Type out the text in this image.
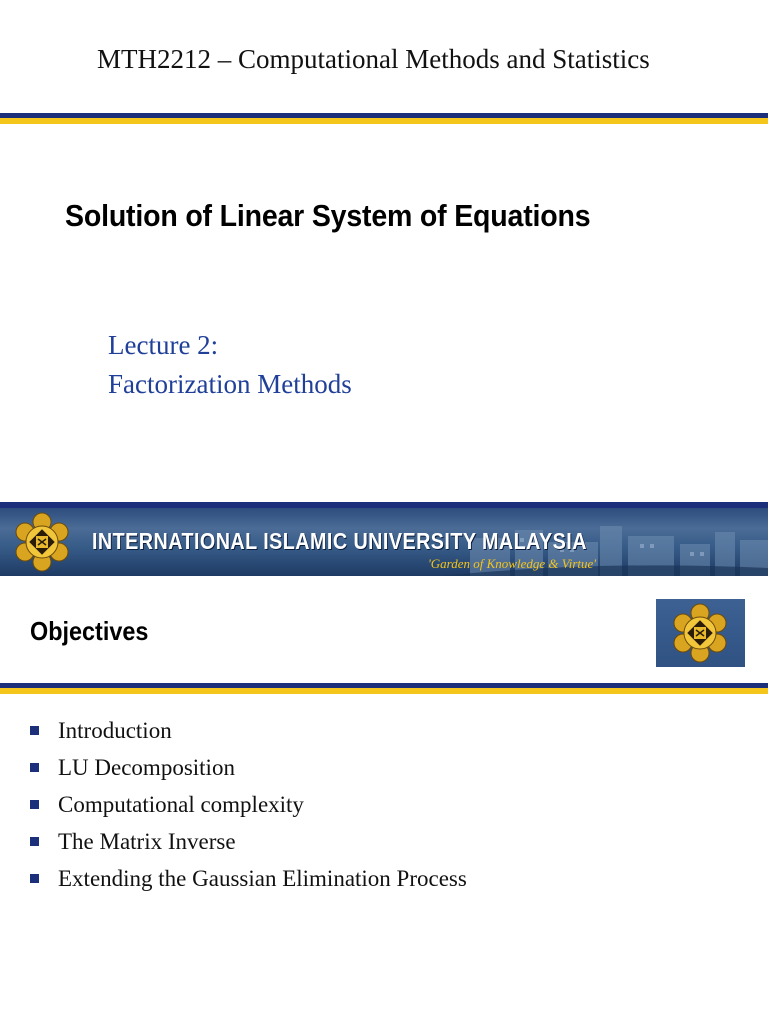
MTH2212 – Computational Methods and Statistics
Solution of Linear System of Equations
Lecture 2:
Factorization Methods
INTERNATIONAL ISLAMIC UNIVERSITY MALAYSIA
'Garden of Knowledge & Virtue'
Objectives
Introduction
LU Decomposition
Computational complexity
The Matrix Inverse
Extending the Gaussian Elimination Process
